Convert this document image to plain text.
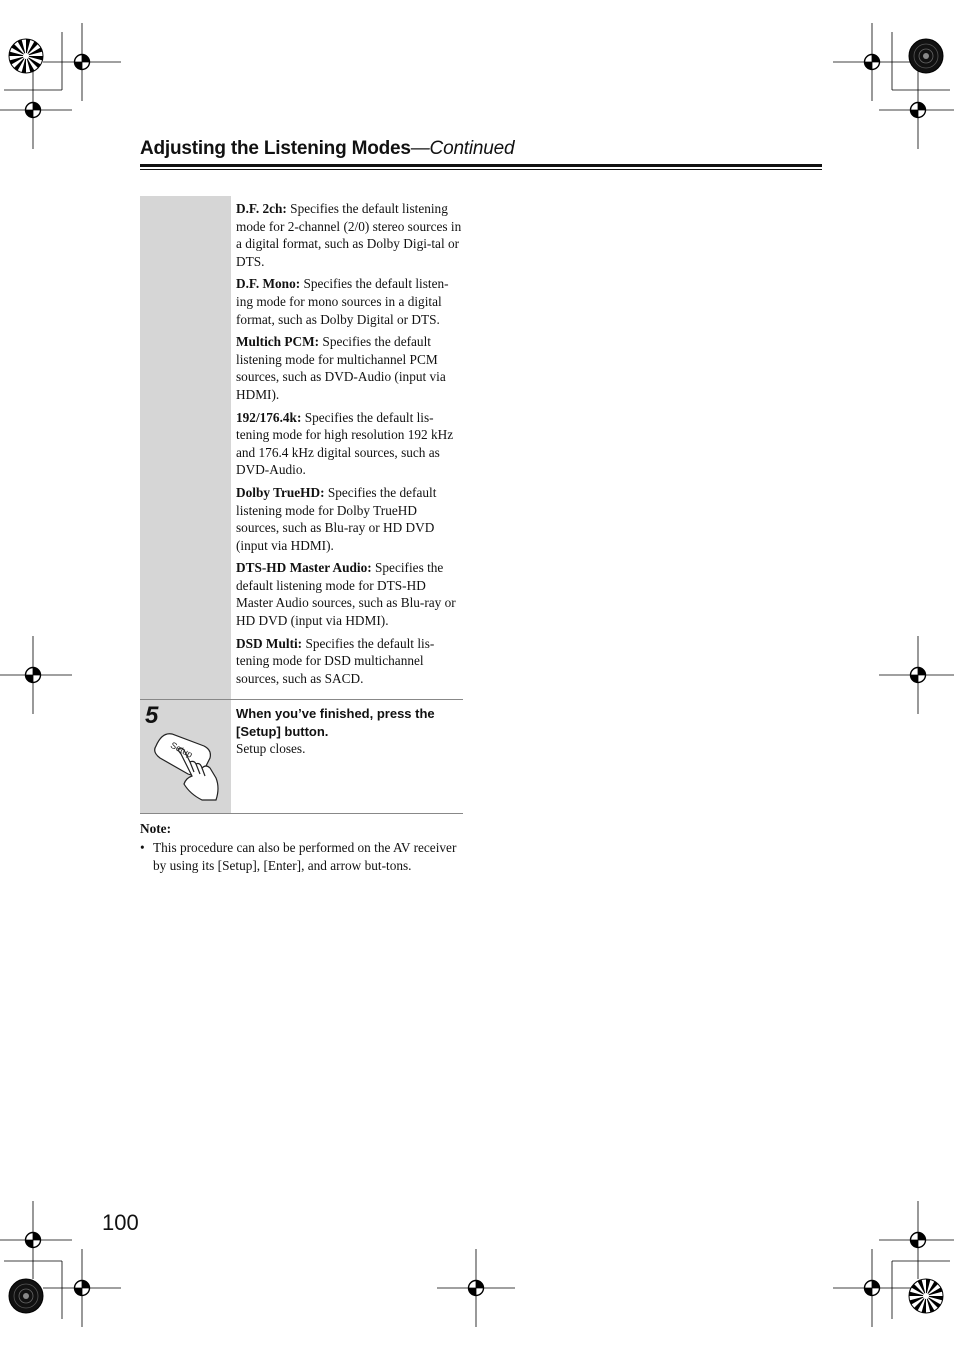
Adjusting the Listening Modes—Continued

D.F. 2ch: Specifies the default listening mode for 2-channel (2/0) stereo sources in a digital format, such as Dolby Digi-tal or DTS.

D.F. Mono: Specifies the default listen-ing mode for mono sources in a digital format, such as Dolby Digital or DTS.

Multich PCM: Specifies the default listening mode for multichannel PCM sources, such as DVD-Audio (input via HDMI).

192/176.4k: Specifies the default lis-tening mode for high resolution 192 kHz and 176.4 kHz digital sources, such as DVD-Audio.

Dolby TrueHD: Specifies the default listening mode for Dolby TrueHD sources, such as Blu-ray or HD DVD (input via HDMI).

DTS-HD Master Audio: Specifies the default listening mode for DTS-HD Master Audio sources, such as Blu-ray or HD DVD (input via HDMI).

DSD Multi: Specifies the default lis-tening mode for DSD multichannel sources, such as SACD.

5	When you’ve finished, press the [Setup] button.
Setup closes.
Setup
Note:
• This procedure can also be performed on the AV receiver by using its [Setup], [Enter], and arrow but-tons.
100
